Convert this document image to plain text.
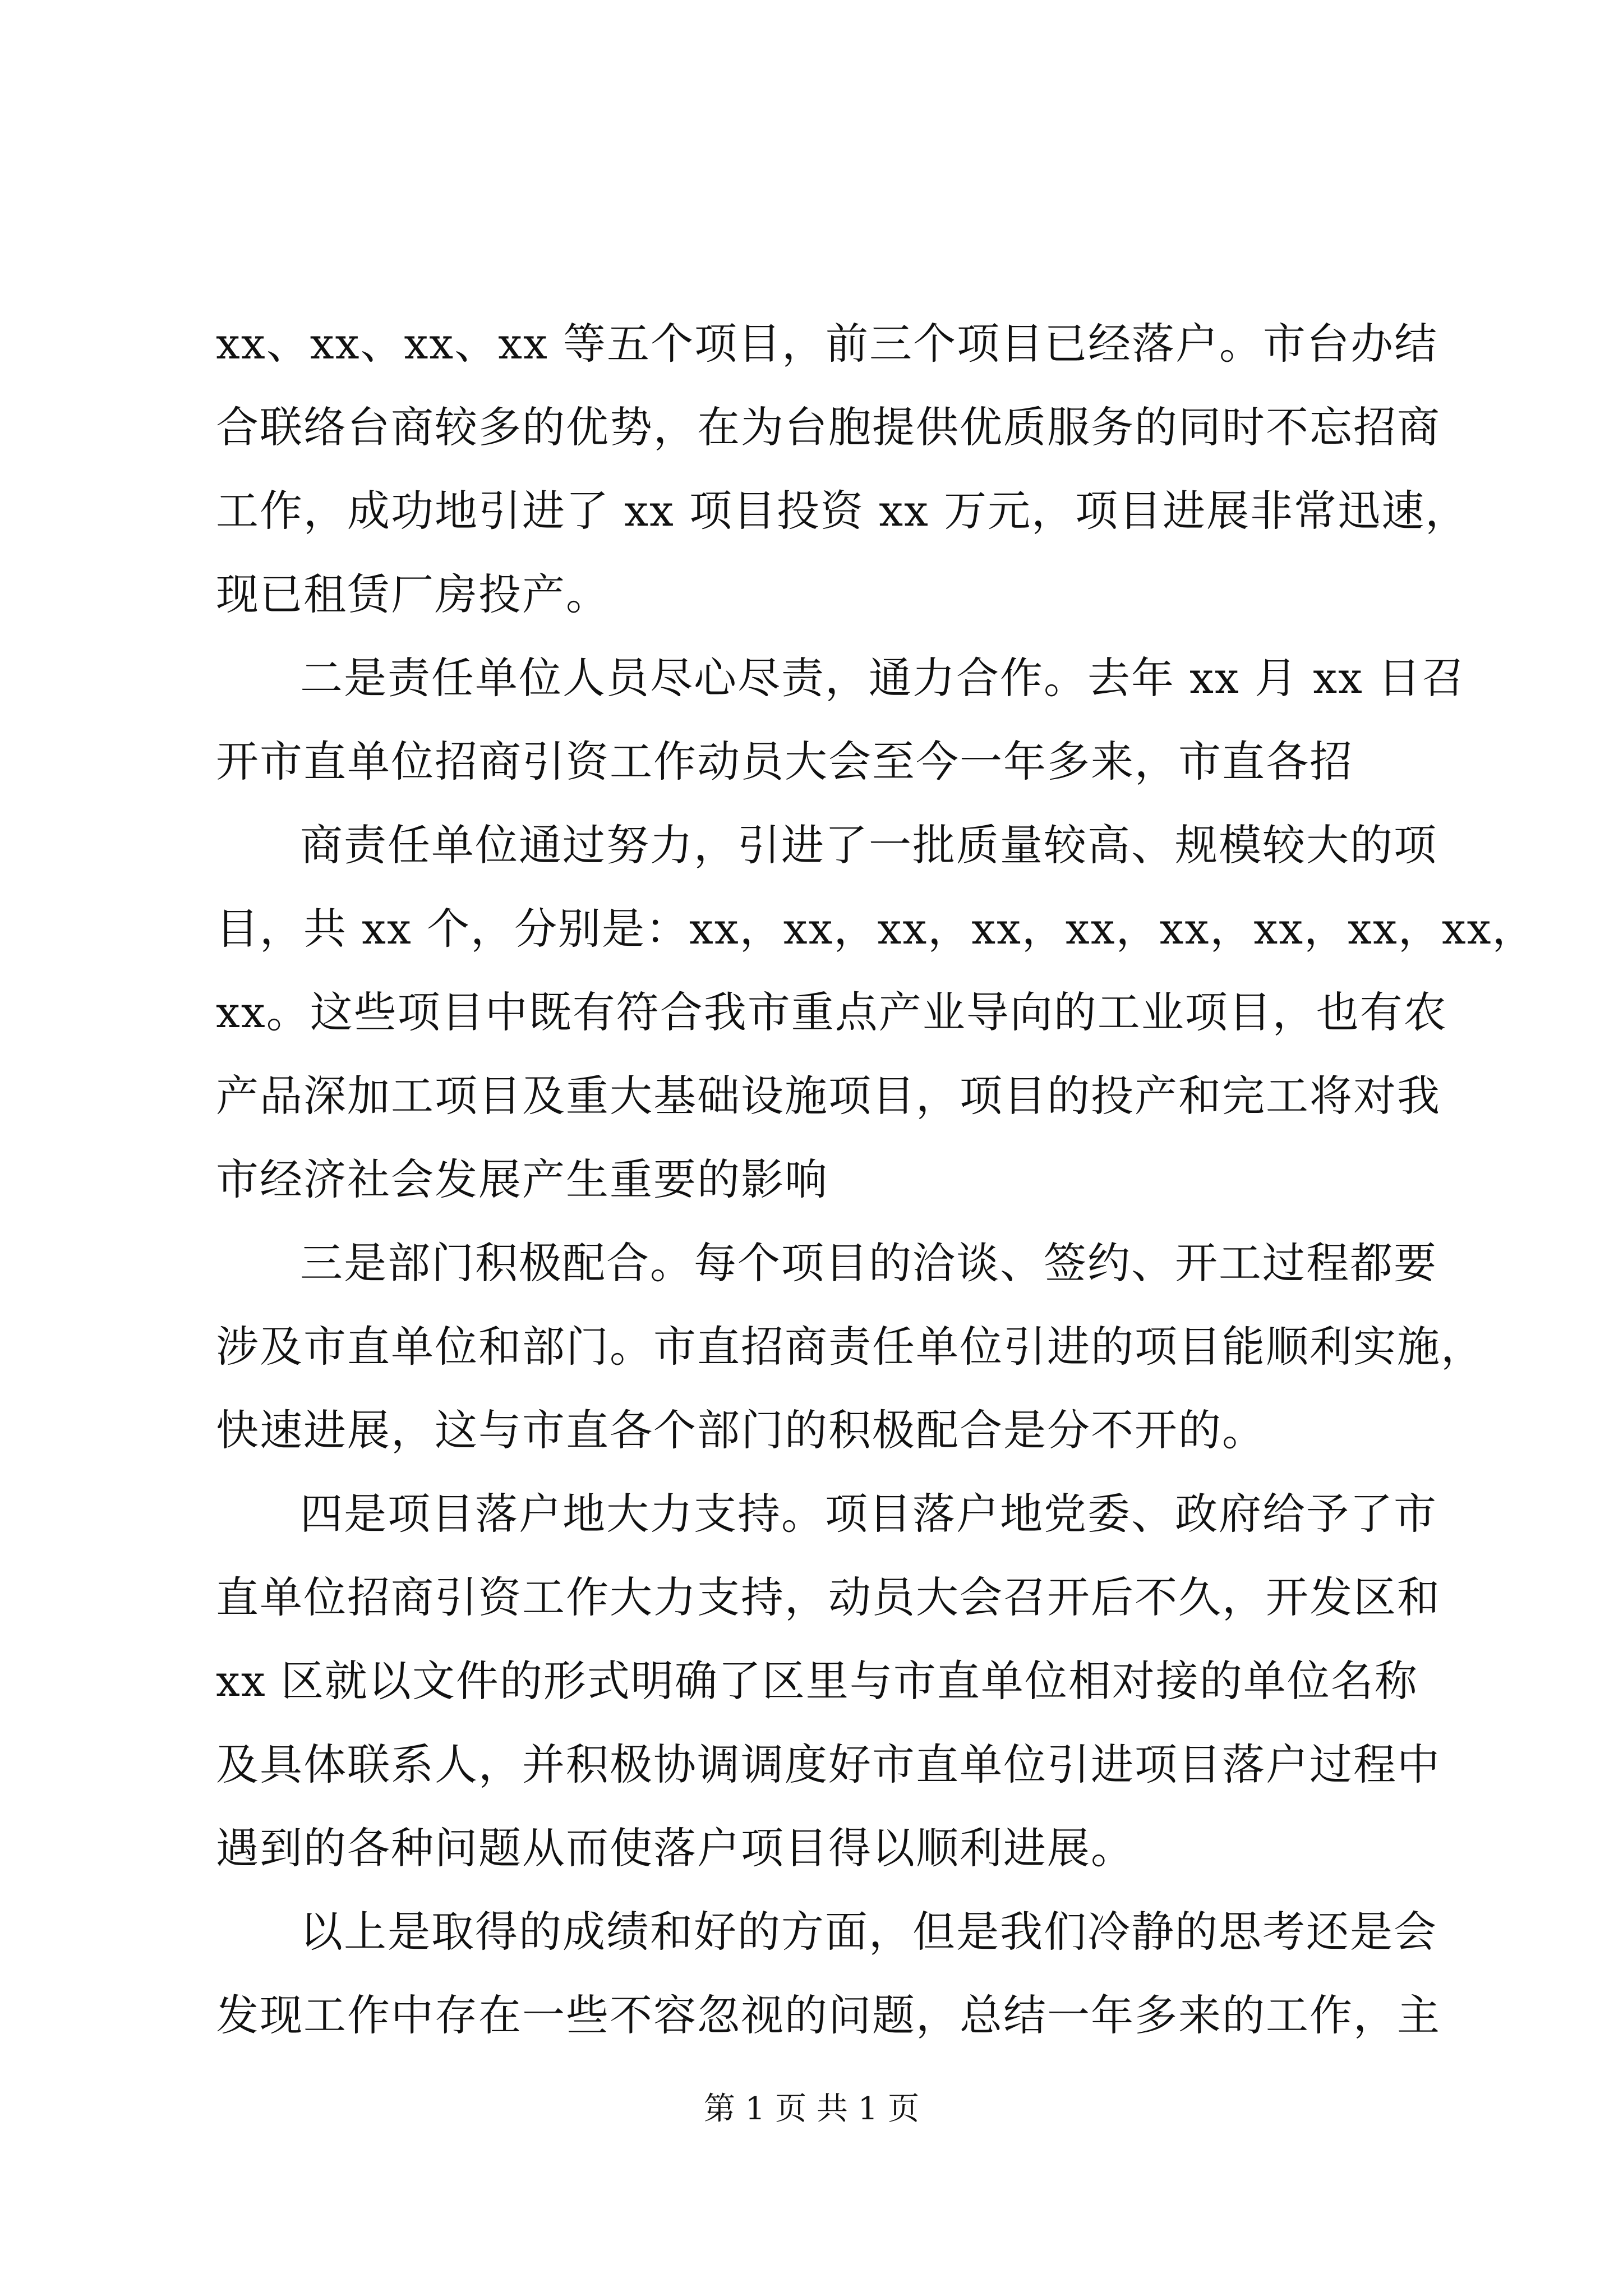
xx、xx、xx、xx 等五个项目，前三个项目已经落户。市台办结
合联络台商较多的优势，在为台胞提供优质服务的同时不忘招商
工作，成功地引进了 xx 项目投资 xx 万元，项目进展非常迅速，
现已租赁厂房投产。
二是责任单位人员尽心尽责，通力合作。去年 xx 月 xx 日召
开市直单位招商引资工作动员大会至今一年多来，市直各招
商责任单位通过努力，引进了一批质量较高、规模较大的项
目，共 xx 个，分别是：xx，xx，xx，xx，xx，xx，xx，xx，xx，
xx。这些项目中既有符合我市重点产业导向的工业项目，也有农
产品深加工项目及重大基础设施项目，项目的投产和完工将对我
市经济社会发展产生重要的影响
三是部门积极配合。每个项目的洽谈、签约、开工过程都要
涉及市直单位和部门。市直招商责任单位引进的项目能顺利实施，
快速进展，这与市直各个部门的积极配合是分不开的。
四是项目落户地大力支持。项目落户地党委、政府给予了市
直单位招商引资工作大力支持，动员大会召开后不久，开发区和
xx 区就以文件的形式明确了区里与市直单位相对接的单位名称
及具体联系人，并积极协调调度好市直单位引进项目落户过程中
遇到的各种问题从而使落户项目得以顺利进展。
以上是取得的成绩和好的方面，但是我们冷静的思考还是会
发现工作中存在一些不容忽视的问题，总结一年多来的工作，主
第 1 页 共 1 页
